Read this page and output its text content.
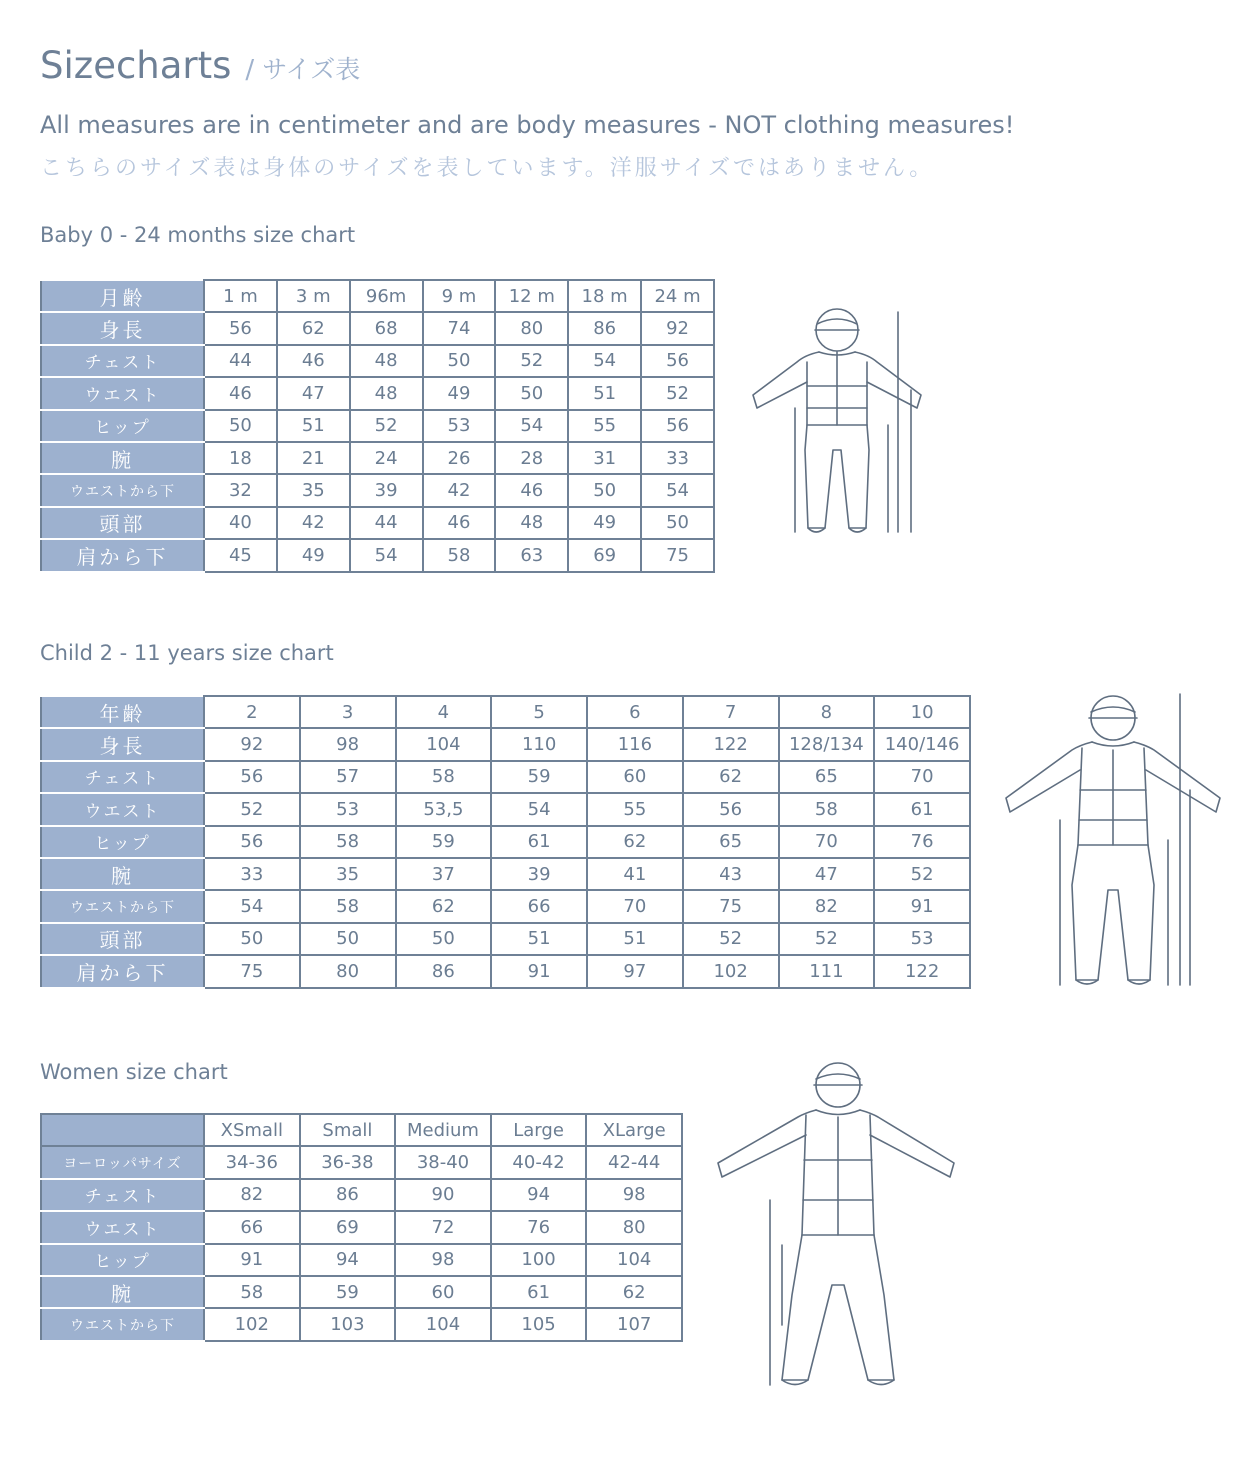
Sizecharts / サイズ表
All measures are in centimeter and are body measures - NOT clothing measures!
こちらのサイズ表は身体のサイズを表しています。洋服サイズではありません。
Baby 0 - 24 months size chart
月齢	1 m	3 m	96m	9 m	12 m	18 m	24 m
身長	56	62	68	74	80	86	92
チェスト	44	46	48	50	52	54	56
ウエスト	46	47	48	49	50	51	52
ヒップ	50	51	52	53	54	55	56
腕	18	21	24	26	28	31	33
ウエストから下	32	35	39	42	46	50	54
頭部	40	42	44	46	48	49	50
肩から下	45	49	54	58	63	69	75
Child 2 - 11 years size chart
年齢	2	3	4	5	6	7	8	10
身長	92	98	104	110	116	122	128/134	140/146
チェスト	56	57	58	59	60	62	65	70
ウエスト	52	53	53,5	54	55	56	58	61
ヒップ	56	58	59	61	62	65	70	76
腕	33	35	37	39	41	43	47	52
ウエストから下	54	58	62	66	70	75	82	91
頭部	50	50	50	51	51	52	52	53
肩から下	75	80	86	91	97	102	111	122
Women size chart
	XSmall	Small	Medium	Large	XLarge
ヨーロッパサイズ	34-36	36-38	38-40	40-42	42-44
チェスト	82	86	90	94	98
ウエスト	66	69	72	76	80
ヒップ	91	94	98	100	104
腕	58	59	60	61	62
ウエストから下	102	103	104	105	107
